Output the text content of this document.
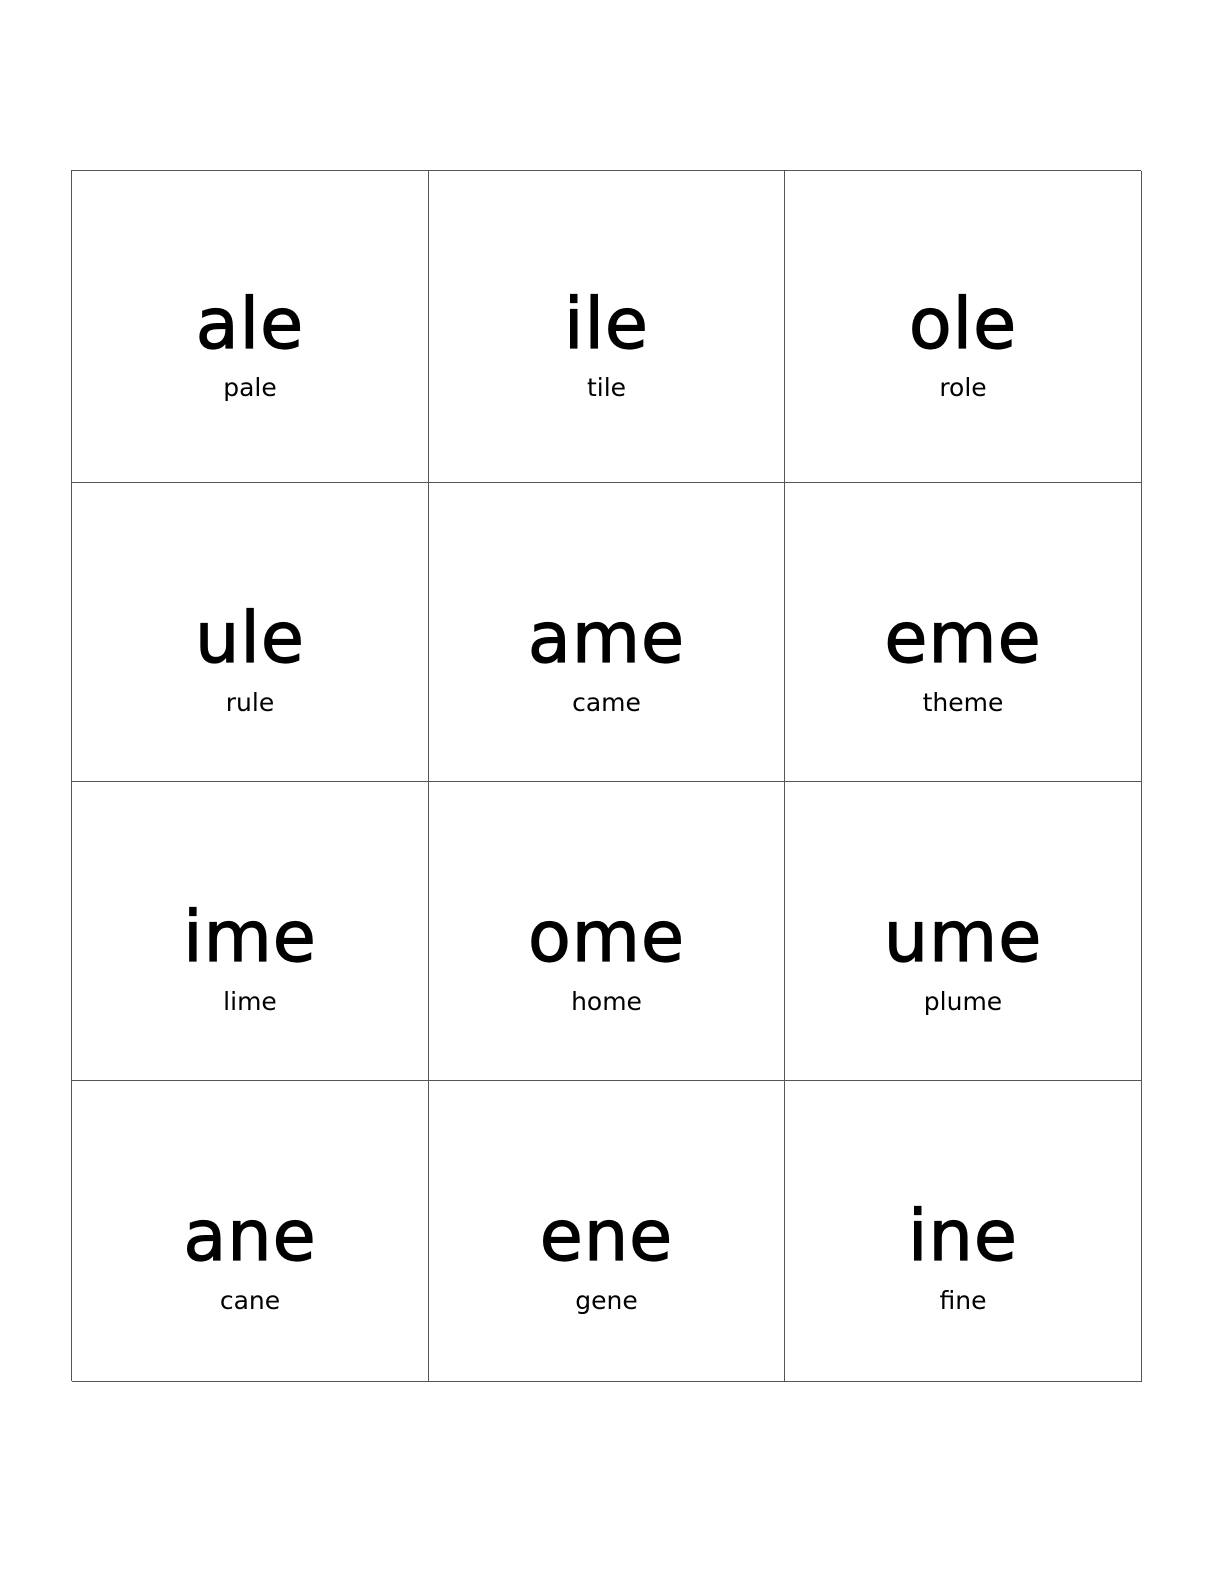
ale
pale
ile
tile
ole
role
ule
rule
ame
came
eme
theme
ime
lime
ome
home
ume
plume
ane
cane
ene
gene
ine
fine
